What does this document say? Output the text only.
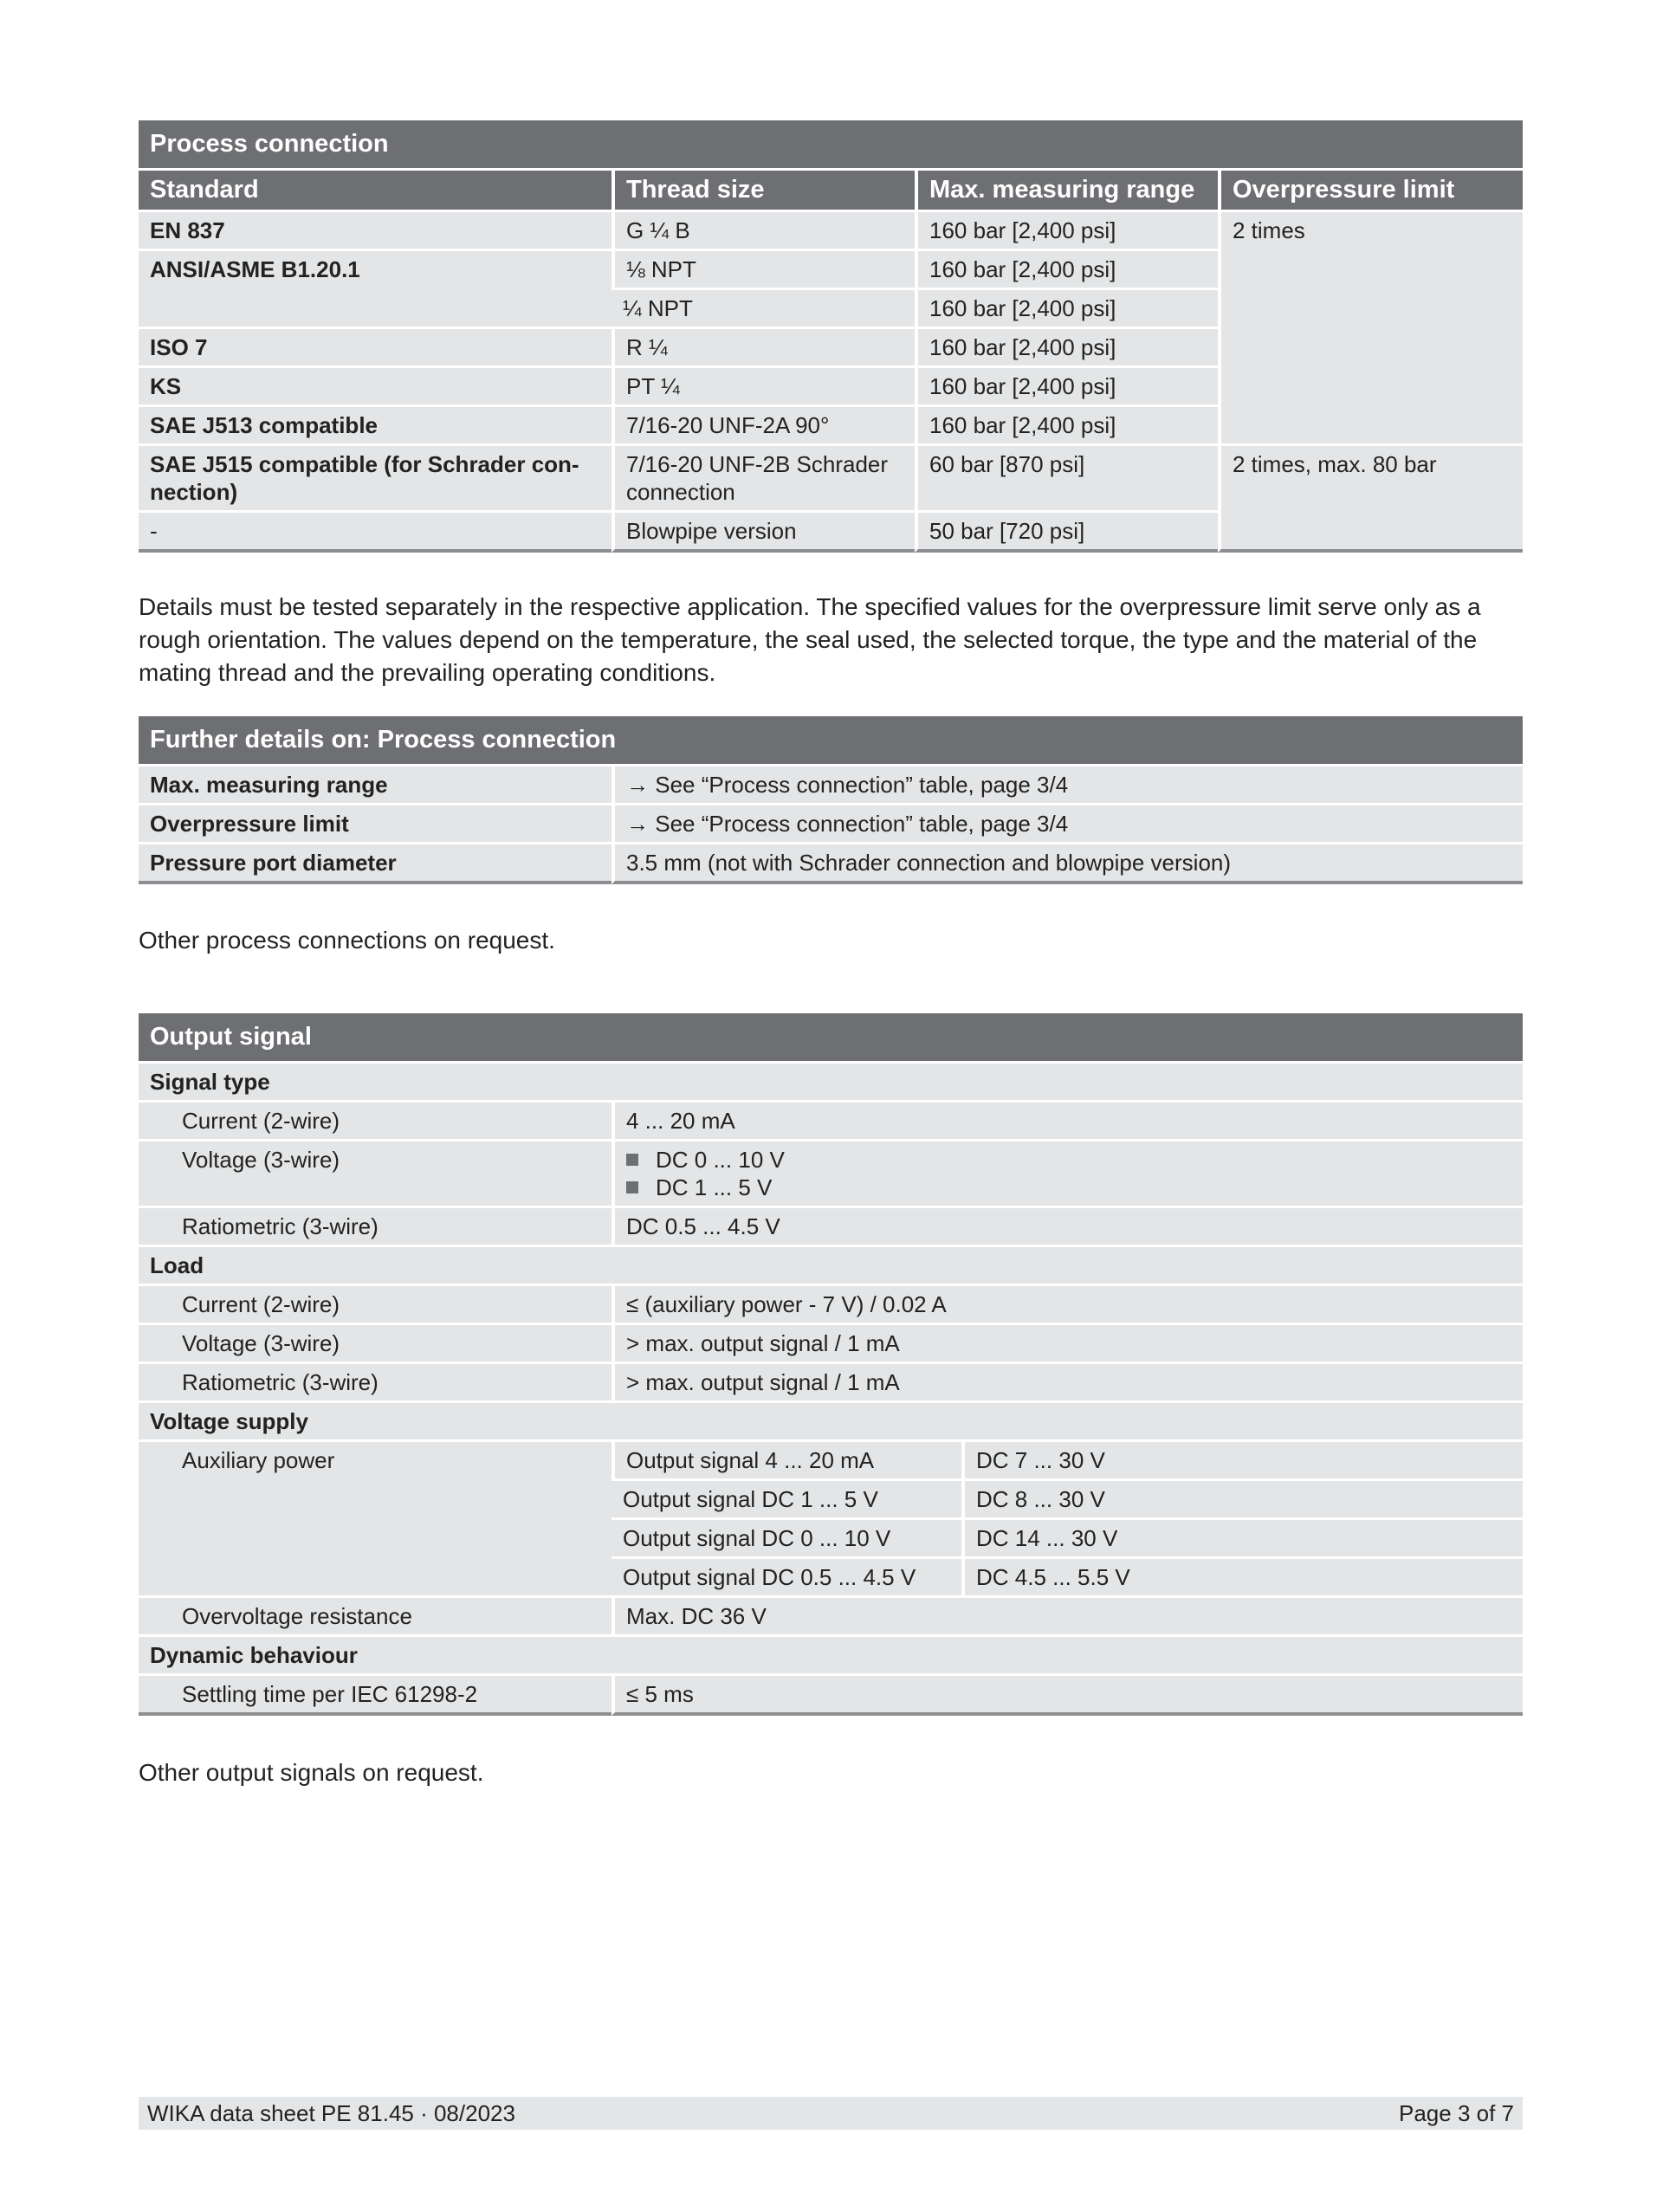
Process connection			
Standard	Thread size	Max. measuring range	Overpressure limit
EN 837	G ¼ B	160 bar [2,400 psi]	2 times
ANSI/ASME B1.20.1	⅛ NPT	160 bar [2,400 psi]	
	¼ NPT	160 bar [2,400 psi]	
ISO 7	R ¼	160 bar [2,400 psi]	
KS	PT ¼	160 bar [2,400 psi]	
SAE J513 compatible	7/16-20 UNF-2A 90°	160 bar [2,400 psi]	
SAE J515 compatible (for Schrader con-nection)	7/16-20 UNF-2B Schrader connection	60 bar [870 psi]	2 times, max. 80 bar
-	Blowpipe version	50 bar [720 psi]	

Details must be tested separately in the respective application. The specified values for the overpressure limit serve only as a rough orientation. The values depend on the temperature, the seal used, the selected torque, the type and the material of the mating thread and the prevailing operating conditions.

Further details on: Process connection	
Max. measuring range	→ See “Process connection” table, page 3/4
Overpressure limit	→ See “Process connection” table, page 3/4
Pressure port diameter	3.5 mm (not with Schrader connection and blowpipe version)

Other process connections on request.

Output signal		
Signal type		
Current (2-wire)	4 ... 20 mA	
Voltage (3-wire)	DC 0 ... 10 V
DC 1 ... 5 V	

Ratiometric (3-wire)	DC 0.5 ... 4.5 V	
Load		
Current (2-wire)	≤ (auxiliary power - 7 V) / 0.02 A	
Voltage (3-wire)	> max. output signal / 1 mA	
Ratiometric (3-wire)	> max. output signal / 1 mA	
Voltage supply		
Auxiliary power	Output signal 4 ... 20 mA	DC 7 ... 30 V
	Output signal DC 1 ... 5 V	DC 8 ... 30 V
	Output signal DC 0 ... 10 V	DC 14 ... 30 V
	Output signal DC 0.5 ... 4.5 V	DC 4.5 ... 5.5 V
Overvoltage resistance	Max. DC 36 V	
Dynamic behaviour		
Settling time per IEC 61298-2	≤ 5 ms	

Other output signals on request.

WIKA data sheet PE 81.45 · 08/2023	Page 3 of 7
